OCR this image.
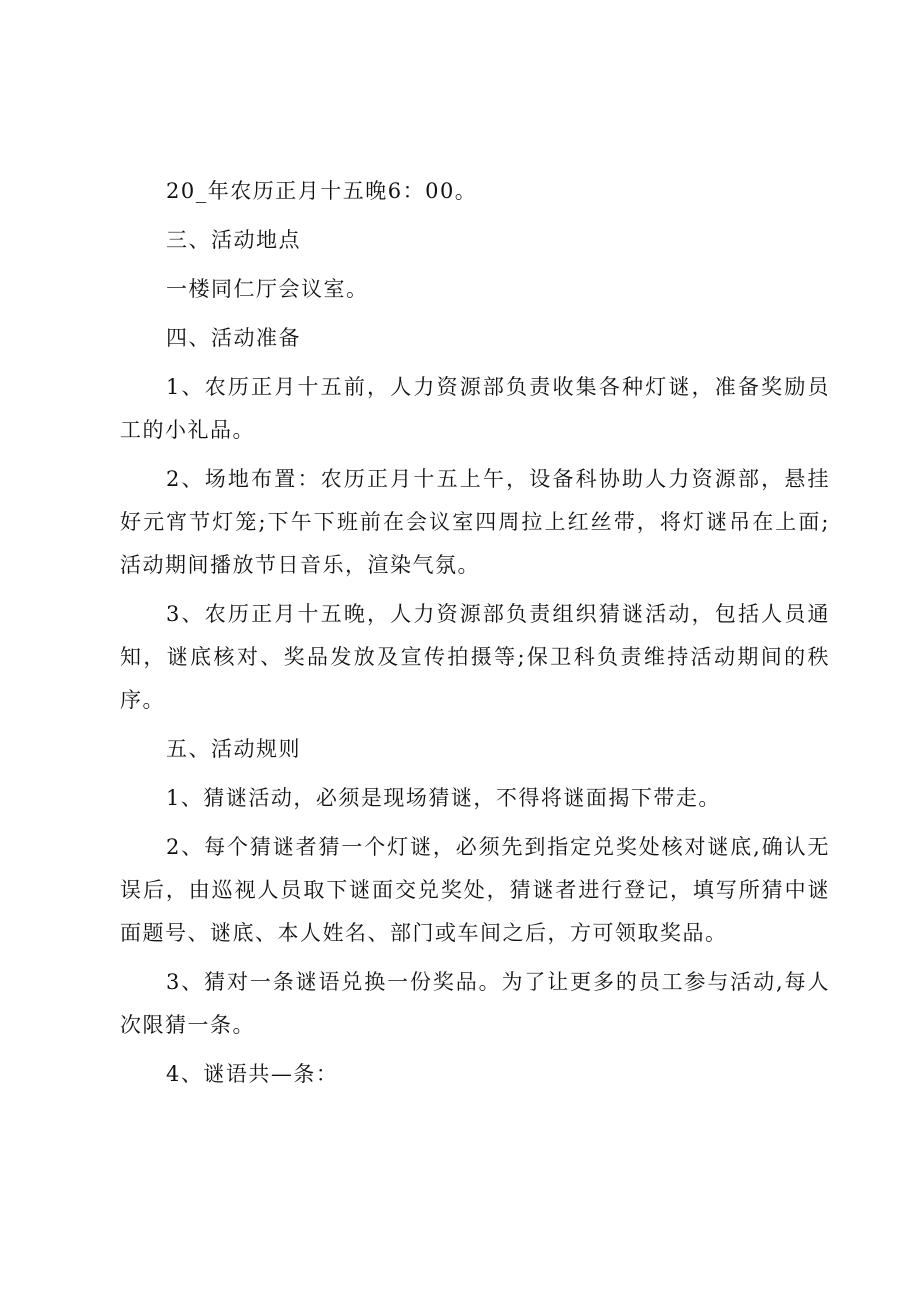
20_年农历正月十五晚6：00。

三、活动地点

一楼同仁厅会议室。

四、活动准备

1、农历正月十五前，人力资源部负责收集各种灯谜，准备奖励员工的小礼品。

2、场地布置：农历正月十五上午，设备科协助人力资源部，悬挂好元宵节灯笼;下午下班前在会议室四周拉上红丝带，将灯谜吊在上面;活动期间播放节日音乐，渲染气氛。

3、农历正月十五晚，人力资源部负责组织猜谜活动，包括人员通知，谜底核对、奖品发放及宣传拍摄等;保卫科负责维持活动期间的秩序。

五、活动规则

1、猜谜活动，必须是现场猜谜，不得将谜面揭下带走。

2、每个猜谜者猜一个灯谜，必须先到指定兑奖处核对谜底,确认无误后，由巡视人员取下谜面交兑奖处，猜谜者进行登记，填写所猜中谜面题号、谜底、本人姓名、部门或车间之后，方可领取奖品。

3、猜对一条谜语兑换一份奖品。为了让更多的员工参与活动,每人次限猜一条。

4、谜语共—条：
